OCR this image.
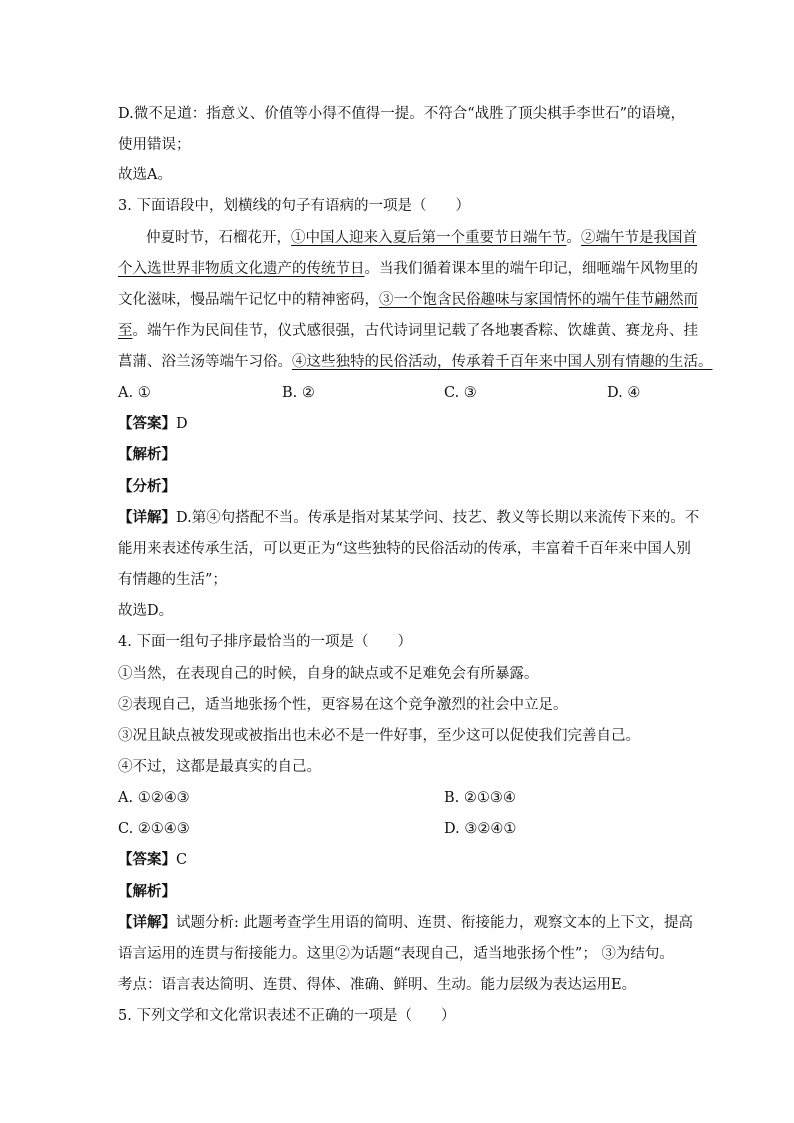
D.微不足道：指意义、价值等小得不值得一提。不符合“战胜了顶尖棋手李世石”的语境，
使用错误；
故选A。
3. 下面语段中，划横线的句子有语病的一项是（　　）
仲夏时节，石榴花开，①中国人迎来入夏后第一个重要节日端午节。②端午节是我国首
个入选世界非物质文化遗产的传统节日。当我们循着课本里的端午印记，细咂端午风物里的
文化滋味，慢品端午记忆中的精神密码，③一个饱含民俗趣味与家国情怀的端午佳节翩然而
至。端午作为民间佳节，仪式感很强，古代诗词里记载了各地裹香粽、饮雄黄、赛龙舟、挂
菖蒲、浴兰汤等端午习俗。④这些独特的民俗活动，传承着千百年来中国人别有情趣的生活。
A. ①	B. ②	C. ③	D. ④
【答案】D
【解析】
【分析】
【详解】D.第④句搭配不当。传承是指对某某学问、技艺、教义等长期以来流传下来的。不
能用来表述传承生活，可以更正为“这些独特的民俗活动的传承，丰富着千百年来中国人别
有情趣的生活”；
故选D。
4. 下面一组句子排序最恰当的一项是（　　）
①当然，在表现自己的时候，自身的缺点或不足难免会有所暴露。
②表现自己，适当地张扬个性，更容易在这个竞争激烈的社会中立足。
③况且缺点被发现或被指出也未必不是一件好事，至少这可以促使我们完善自己。
④不过，这都是最真实的自己。
A. ①②④③	B. ②①③④
C. ②①④③	D. ③②④①
【答案】C
【解析】
【详解】试题分析: 此题考查学生用语的简明、连贯、衔接能力，观察文本的上下文，提高
语言运用的连贯与衔接能力。这里②为话题“表现自己，适当地张扬个性”； ③为结句。
考点：语言表达简明、连贯、得体、准确、鲜明、生动。能力层级为表达运用E。
5. 下列文学和文化常识表述不正确的一项是（　　）
